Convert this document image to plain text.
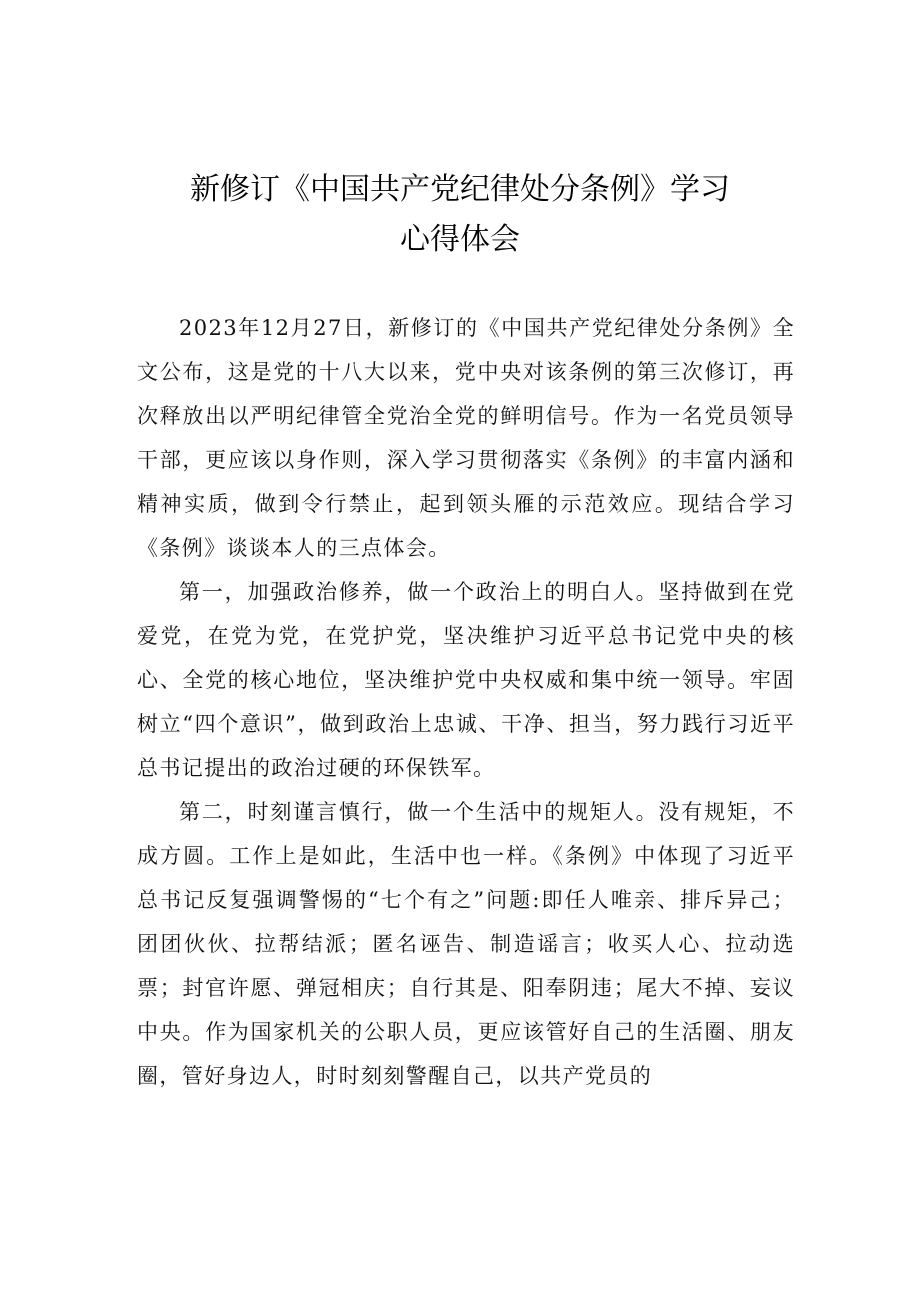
新修订《中国共产党纪律处分条例》学习
心得体会

2023年12月27日，新修订的《中国共产党纪律处分条例》全文公布，这是党的十八大以来，党中央对该条例的第三次修订，再次释放出以严明纪律管全党治全党的鲜明信号。作为一名党员领导干部，更应该以身作则，深入学习贯彻落实《条例》的丰富内涵和精神实质，做到令行禁止，起到领头雁的示范效应。现结合学习《条例》谈谈本人的三点体会。

第一，加强政治修养，做一个政治上的明白人。坚持做到在党爱党，在党为党，在党护党，坚决维护习近平总书记党中央的核心、全党的核心地位，坚决维护党中央权威和集中统一领导。牢固树立“四个意识”，做到政治上忠诚、干净、担当，努力践行习近平总书记提出的政治过硬的环保铁军。

第二，时刻谨言慎行，做一个生活中的规矩人。没有规矩，不成方圆。工作上是如此，生活中也一样。《条例》中体现了习近平总书记反复强调警惕的“七个有之”问题:即任人唯亲、排斥异己；团团伙伙、拉帮结派；匿名诬告、制造谣言；收买人心、拉动选票；封官许愿、弹冠相庆；自行其是、阳奉阴违；尾大不掉、妄议中央。作为国家机关的公职人员，更应该管好自己的生活圈、朋友圈，管好身边人，时时刻刻警醒自己，以共产党员的
